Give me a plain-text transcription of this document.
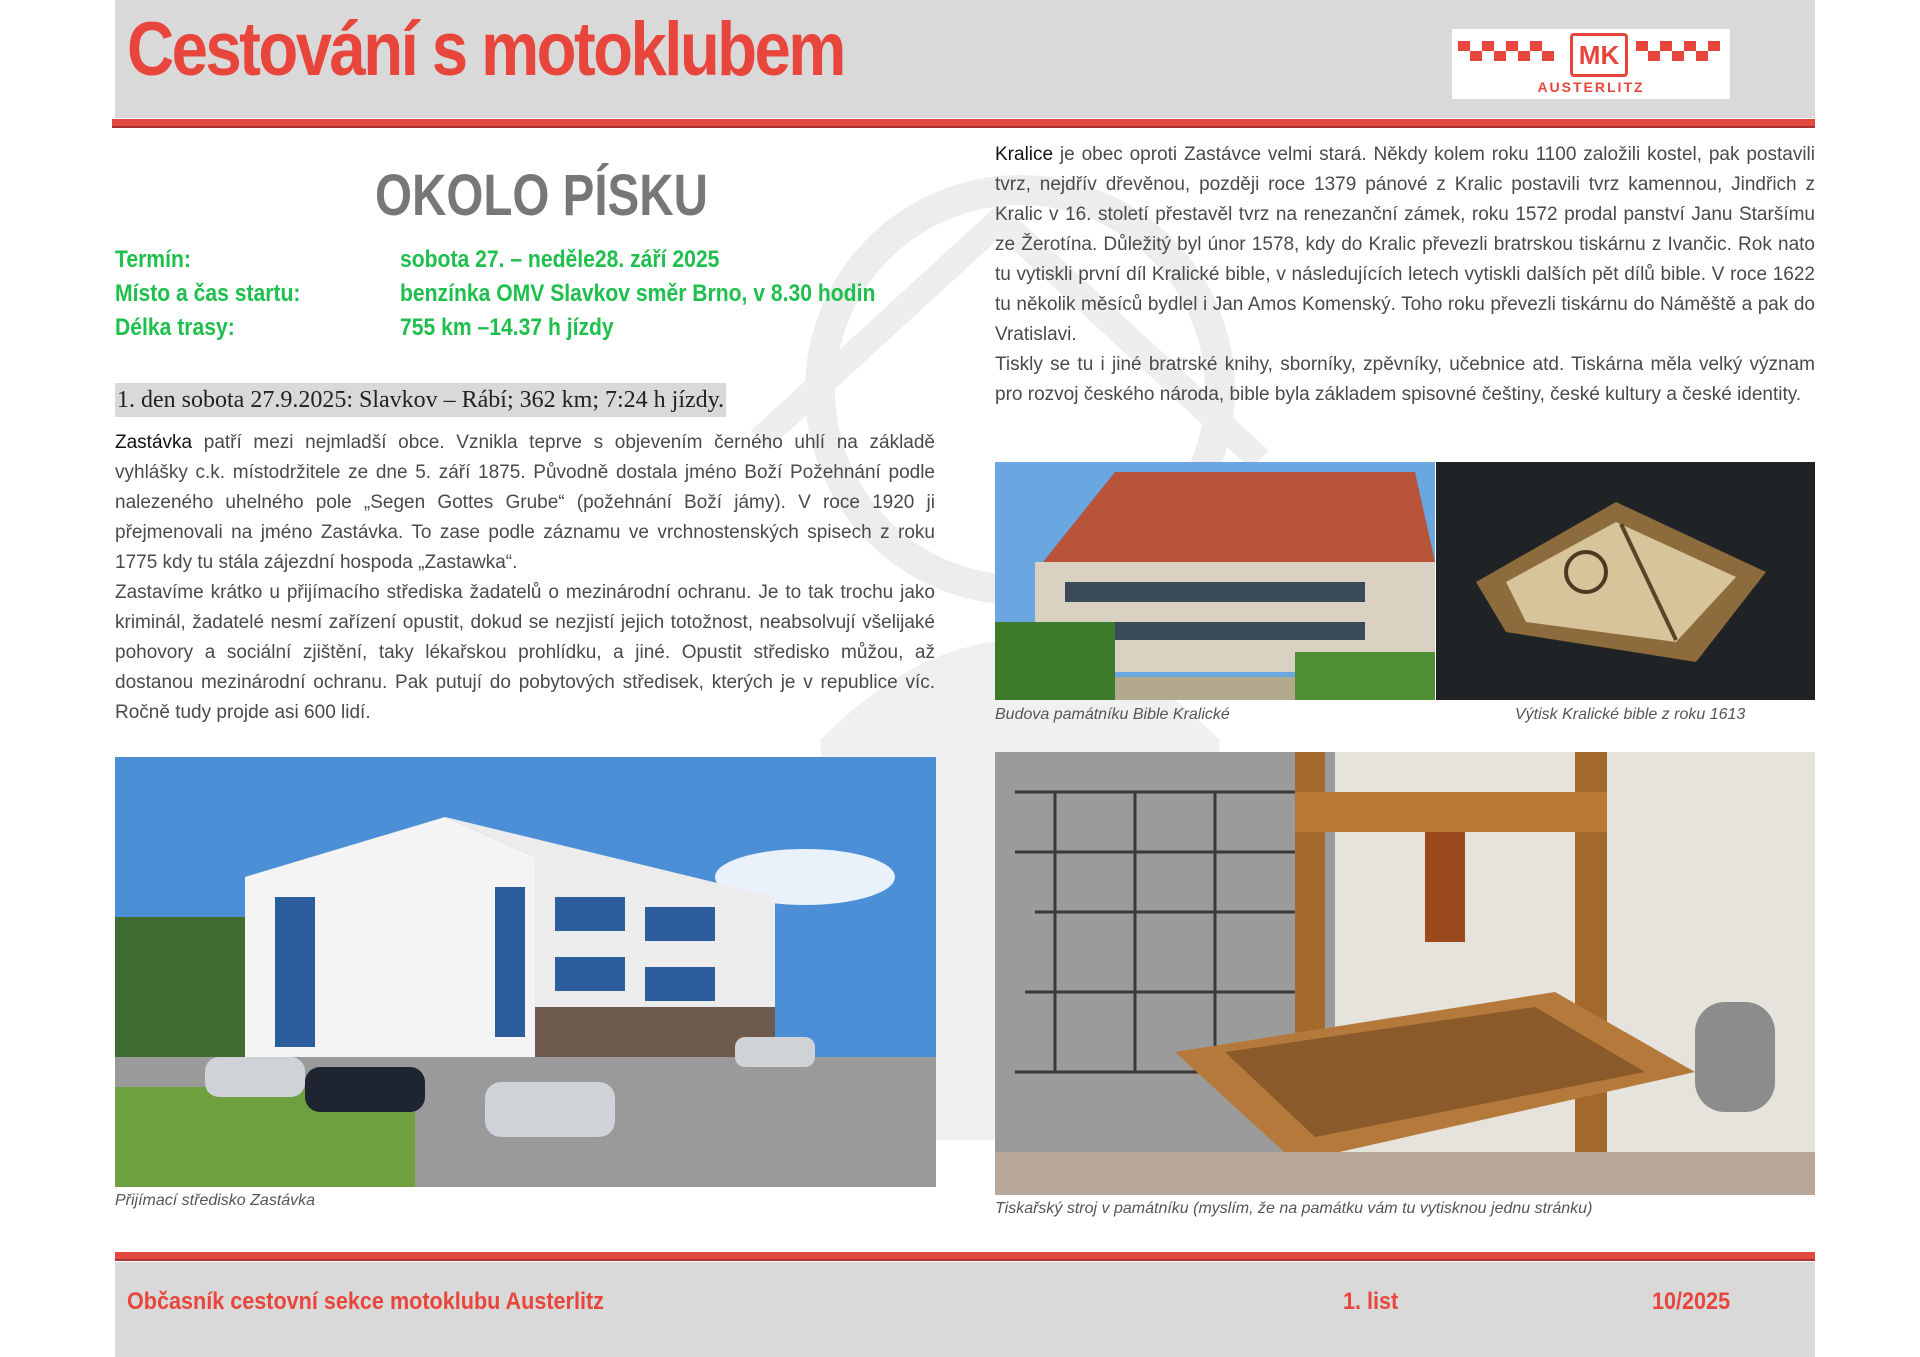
Cestování s motoklubem	MK
AUSTERLITZ
OKOLO PÍSKU
Termín:	sobota 27. – neděle28. září 2025
Místo a čas startu:	benzínka OMV Slavkov směr Brno, v 8.30 hodin
Délka trasy:	755 km –14.37 h jízdy
1. den sobota 27.9.2025: Slavkov – Rábí; 362 km; 7:24 h jízdy.

Zastávka patří mezi nejmladší obce. Vznikla teprve s objevením černého uhlí na základě vyhlášky c.k. místodržitele ze dne 5. září 1875. Původně dostala jméno Boží Požehnání podle nalezeného uhelného pole „Segen Gottes Grube“ (požehnání Boží jámy). V roce 1920 ji přejmenovali na jméno Zastávka. To zase podle záznamu ve vrchnostenských spisech z roku 1775 kdy tu stála zájezdní hospoda „Zastawka“.

Zastavíme krátko u přijímacího střediska žadatelů o mezinárodní ochranu. Je to tak trochu jako kriminál, žadatelé nesmí zařízení opustit, dokud se nezjistí jejich totožnost, neabsolvují všelijaké pohovory a sociální zjištění, taky lékařskou prohlídku, a jiné. Opustit středisko můžou, až dostanou mezinárodní ochranu. Pak putují do pobytových středisek, kterých je v republice víc. Ročně tudy projde asi 600 lidí.

Přijímací středisko Zastávka

Kralice je obec oproti Zastávce velmi stará. Někdy kolem roku 1100 založili kostel, pak postavili tvrz, nejdřív dřevěnou, později roce 1379 pánové z Kralic postavili tvrz kamennou, Jindřich z Kralic v 16. století přestavěl tvrz na renezanční zámek, roku 1572 prodal panství Janu Staršímu ze Žerotína. Důležitý byl únor 1578, kdy do Kralic převezli bratrskou tiskárnu z Ivančic. Rok nato tu vytiskli první díl Kralické bible, v následujících letech vytiskli dalších pět dílů bible. V roce 1622 tu několik měsíců bydlel i Jan Amos Komenský. Toho roku převezli tiskárnu do Náměště a pak do Vratislavi.

Tiskly se tu i jiné bratrské knihy, sborníky, zpěvníky, učebnice atd. Tiskárna měla velký význam pro rozvoj českého národa, bible byla základem spisovné češtiny, české kultury a české identity.

Budova památníku Bible Kralické	Výtisk Kralické bible z roku 1613
Tiskařský stroj v památníku (myslím, že na památku vám tu vytisknou jednu stránku)
Občasník cestovní sekce motoklubu Austerlitz	1. list	10/2025
